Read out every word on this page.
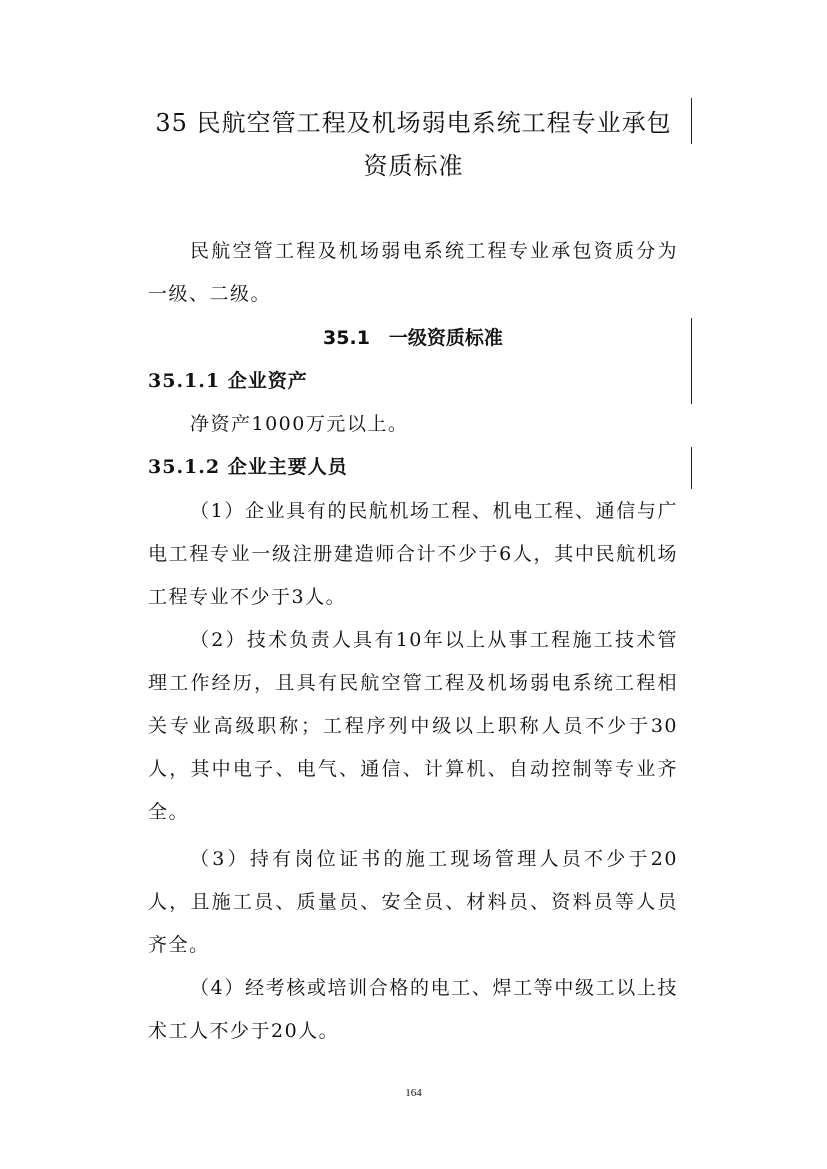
35 民航空管工程及机场弱电系统工程专业承包
资质标准

民航空管工程及机场弱电系统工程专业承包资质分为一级、二级。

35.1　一级资质标准
35.1.1 企业资产

净资产1000万元以上。

35.1.2 企业主要人员

（1）企业具有的民航机场工程、机电工程、通信与广电工程专业一级注册建造师合计不少于6人，其中民航机场工程专业不少于3人。

（2）技术负责人具有10年以上从事工程施工技术管理工作经历，且具有民航空管工程及机场弱电系统工程相关专业高级职称；工程序列中级以上职称人员不少于30人，其中电子、电气、通信、计算机、自动控制等专业齐全。

（3）持有岗位证书的施工现场管理人员不少于20人，且施工员、质量员、安全员、材料员、资料员等人员齐全。

（4）经考核或培训合格的电工、焊工等中级工以上技术工人不少于20人。

164
